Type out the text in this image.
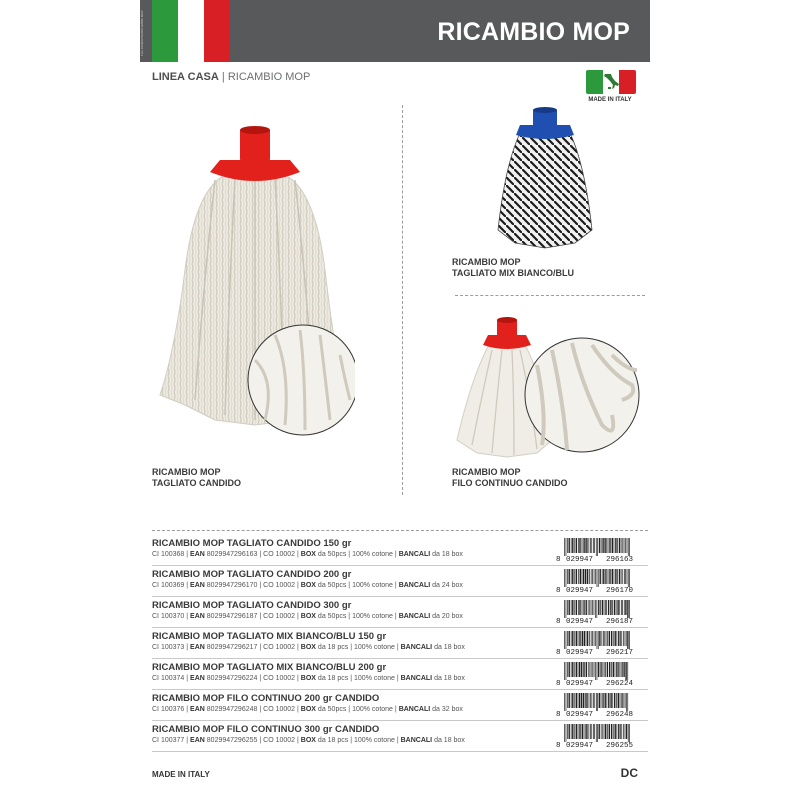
Foto DIAMANTE/RICAMBIO MOP	RICAMBIO MOP
LINEA CASA | RICAMBIO MOP
MADE IN ITALY
RICAMBIO MOP
TAGLIATO CANDIDO
RICAMBIO MOP
TAGLIATO MIX BIANCO/BLU
RICAMBIO MOP
FILO CONTINUO CANDIDO
RICAMBIO MOP TAGLIATO CANDIDO 150 gr
CI 100368 | EAN 8029947296163 | CO 10002 | BOX da 50pcs | 100% cotone | BANCALI da 18 box
8 029947 296163
RICAMBIO MOP TAGLIATO CANDIDO 200 gr
CI 100369 | EAN 8029947296170 | CO 10002 | BOX da 50pcs | 100% cotone | BANCALI da 24 box
8 029947 296170
RICAMBIO MOP TAGLIATO CANDIDO 300 gr
CI 100370 | EAN 8029947296187 | CO 10002 | BOX da 50pcs | 100% cotone | BANCALI da 20 box
8 029947 296187
RICAMBIO MOP TAGLIATO MIX BIANCO/BLU 150 gr
CI 100373 | EAN 8029947296217 | CO 10002 | BOX da 18 pcs | 100% cotone | BANCALI da 18 box
8 029947 296217
RICAMBIO MOP TAGLIATO MIX BIANCO/BLU 200 gr
CI 100374 | EAN 8029947296224 | CO 10002 | BOX da 18 pcs | 100% cotone | BANCALI da 18 box
8 029947 296224
RICAMBIO MOP FILO CONTINUO 200 gr CANDIDO
CI 100376 | EAN 8029947296248 | CO 10002 | BOX da 50pcs | 100% cotone | BANCALI da 32 box
8 029947 296248
RICAMBIO MOP FILO CONTINUO 300 gr CANDIDO
CI 100377 | EAN 8029947296255 | CO 10002 | BOX da 18 pcs | 100% cotone | BANCALI da 18 box
8 029947 296255
MADE IN ITALY	DC
